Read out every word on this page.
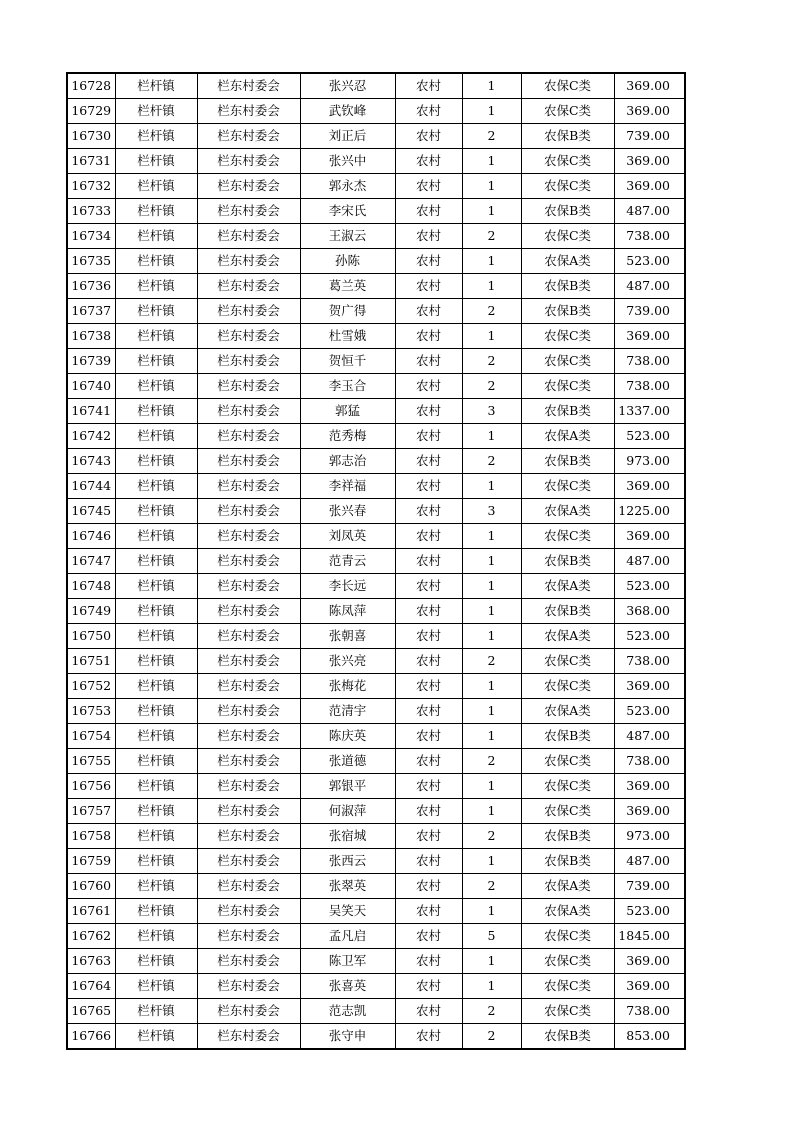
16728	栏杆镇	栏东村委会	张兴忍	农村	1	农保C类	369.00
16729	栏杆镇	栏东村委会	武钦峰	农村	1	农保C类	369.00
16730	栏杆镇	栏东村委会	刘正后	农村	2	农保B类	739.00
16731	栏杆镇	栏东村委会	张兴中	农村	1	农保C类	369.00
16732	栏杆镇	栏东村委会	郭永杰	农村	1	农保C类	369.00
16733	栏杆镇	栏东村委会	李宋氏	农村	1	农保B类	487.00
16734	栏杆镇	栏东村委会	王淑云	农村	2	农保C类	738.00
16735	栏杆镇	栏东村委会	孙陈	农村	1	农保A类	523.00
16736	栏杆镇	栏东村委会	葛兰英	农村	1	农保B类	487.00
16737	栏杆镇	栏东村委会	贺广得	农村	2	农保B类	739.00
16738	栏杆镇	栏东村委会	杜雪娥	农村	1	农保C类	369.00
16739	栏杆镇	栏东村委会	贺恒千	农村	2	农保C类	738.00
16740	栏杆镇	栏东村委会	李玉合	农村	2	农保C类	738.00
16741	栏杆镇	栏东村委会	郭猛	农村	3	农保B类	1337.00
16742	栏杆镇	栏东村委会	范秀梅	农村	1	农保A类	523.00
16743	栏杆镇	栏东村委会	郭志治	农村	2	农保B类	973.00
16744	栏杆镇	栏东村委会	李祥福	农村	1	农保C类	369.00
16745	栏杆镇	栏东村委会	张兴春	农村	3	农保A类	1225.00
16746	栏杆镇	栏东村委会	刘凤英	农村	1	农保C类	369.00
16747	栏杆镇	栏东村委会	范青云	农村	1	农保B类	487.00
16748	栏杆镇	栏东村委会	李长远	农村	1	农保A类	523.00
16749	栏杆镇	栏东村委会	陈凤萍	农村	1	农保B类	368.00
16750	栏杆镇	栏东村委会	张朝喜	农村	1	农保A类	523.00
16751	栏杆镇	栏东村委会	张兴亮	农村	2	农保C类	738.00
16752	栏杆镇	栏东村委会	张梅花	农村	1	农保C类	369.00
16753	栏杆镇	栏东村委会	范清宇	农村	1	农保A类	523.00
16754	栏杆镇	栏东村委会	陈庆英	农村	1	农保B类	487.00
16755	栏杆镇	栏东村委会	张道德	农村	2	农保C类	738.00
16756	栏杆镇	栏东村委会	郭银平	农村	1	农保C类	369.00
16757	栏杆镇	栏东村委会	何淑萍	农村	1	农保C类	369.00
16758	栏杆镇	栏东村委会	张宿城	农村	2	农保B类	973.00
16759	栏杆镇	栏东村委会	张西云	农村	1	农保B类	487.00
16760	栏杆镇	栏东村委会	张翠英	农村	2	农保A类	739.00
16761	栏杆镇	栏东村委会	吴笑天	农村	1	农保A类	523.00
16762	栏杆镇	栏东村委会	孟凡启	农村	5	农保C类	1845.00
16763	栏杆镇	栏东村委会	陈卫军	农村	1	农保C类	369.00
16764	栏杆镇	栏东村委会	张喜英	农村	1	农保C类	369.00
16765	栏杆镇	栏东村委会	范志凯	农村	2	农保C类	738.00
16766	栏杆镇	栏东村委会	张守申	农村	2	农保B类	853.00
